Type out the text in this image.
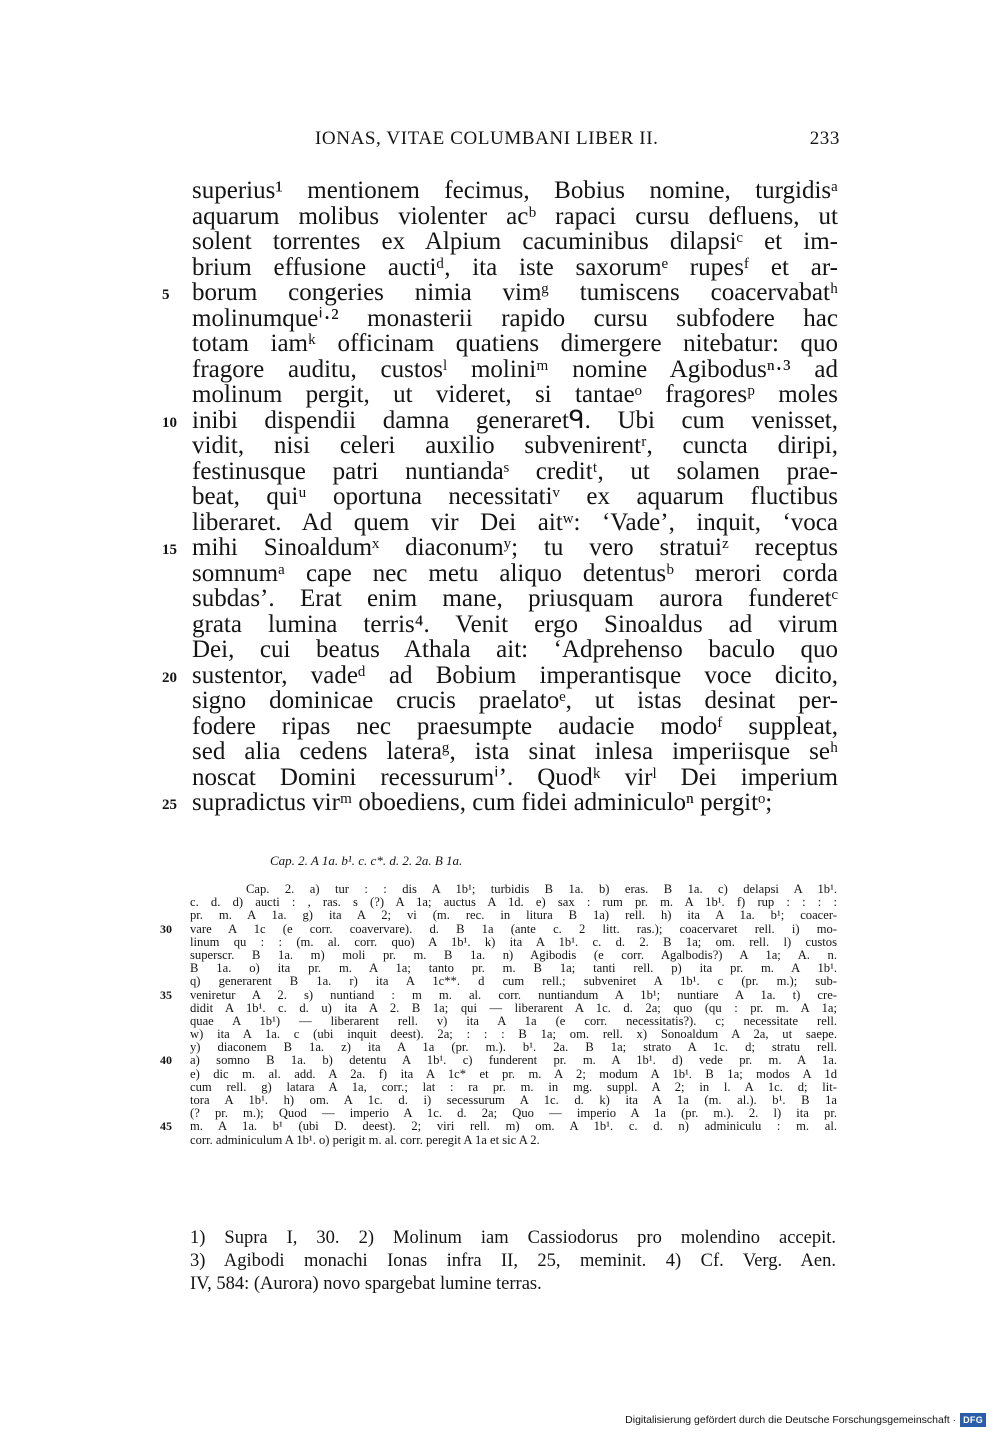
IONAS, VITAE COLUMBANI LIBER II.	233
superius¹ mentionem fecimus, Bobius nomine, turgidisᵃ
aquarum molibus violenter acᵇ rapaci cursu defluens, ut
solent torrentes ex Alpium cacuminibus dilapsiᶜ et im-
brium effusione auctiᵈ, ita iste saxorumᵉ rupesᶠ et ar-
5 borum congeries nimia vimᵍ tumiscens coacervabatʰ
molinumqueⁱ·² monasterii rapido cursu subfodere hac
totam iamᵏ officinam quatiens dimergere nitebatur: quo
fragore auditu, custosˡ moliniᵐ nomine Agibodusⁿ·³ ad
molinum pergit, ut videret, si tantaeᵒ fragoresᵖ moles
10 inibi dispendii damna generaretᑫ. Ubi cum venisset,
vidit, nisi celeri auxilio subvenirentʳ, cuncta diripi,
festinusque patri nuntiandaˢ creditᵗ, ut solamen prae-
beat, quiᵘ oportuna necessitatiᵛ ex aquarum fluctibus
liberaret. Ad quem vir Dei aitʷ: ‘Vade’, inquit, ‘voca
15 mihi Sinoaldumˣ diaconumʸ; tu vero stratuiᶻ receptus
somnumᵃ cape nec metu aliquo detentusᵇ merori corda
subdas’. Erat enim mane, priusquam aurora funderetᶜ
grata lumina terris⁴. Venit ergo Sinoaldus ad virum
Dei, cui beatus Athala ait: ‘Adprehenso baculo quo
20 sustentor, vadeᵈ ad Bobium imperantisque voce dicito,
signo dominicae crucis praelatoᵉ, ut istas desinat per-
fodere ripas nec praesumpte audacie modoᶠ suppleat,
sed alia cedens lateraᵍ, ista sinat inlesa imperiisque seʰ
noscat Domini recessurumⁱ’. Quodᵏ virˡ Dei imperium
25 supradictus virᵐ oboediens, cum fidei adminiculoⁿ pergitᵒ;
Cap. 2. A 1a. b¹. c. c*. d. 2. 2a. B 1a.
Cap. 2. a) tur : : dis A 1b¹; turbidis B 1a. b) eras. B 1a. c) delapsi A 1b¹.
c. d. d) aucti : , ras. s (?) A 1a; auctus A 1d. e) sax : rum pr. m. A 1b¹. f) rup : : : :
pr. m. A 1a. g) ita A 2; vi (m. rec. in litura B 1a) rell. h) ita A 1a. b¹; coacer-
30 vare A 1c (e corr. coavervare). d. B 1a (ante c. 2 litt. ras.); coacervaret rell. i) mo-
linum qu : : (m. al. corr. quo) A 1b¹. k) ita A 1b¹. c. d. 2. B 1a; om. rell. l) custos
superscr. B 1a. m) moli pr. m. B 1a. n) Agibodis (e corr. Agalbodis?) A 1a; A. n.
B 1a. o) ita pr. m. A 1a; tanto pr. m. B 1a; tanti rell. p) ita pr. m. A 1b¹.
q) generarent B 1a. r) ita A 1c**. d cum rell.; subveniret A 1b¹. c (pr. m.); sub-
35 veniretur A 2. s) nuntiand : m m. al. corr. nuntiandum A 1b¹; nuntiare A 1a. t) cre-
didit A 1b¹. c. d. u) ita A 2. B 1a; qui — liberarent A 1c. d. 2a; quo (qu : pr. m. A 1a;
quae A 1b¹) — liberarent rell. v) ita A 1a (e corr. necessitatis?). c; necessitate rell.
w) ita A 1a. c (ubi inquit deest). 2a; : : : B 1a; om. rell. x) Sonoaldum A 2a, ut saepe.
y) diaconem B 1a. z) ita A 1a (pr. m.). b¹. 2a. B 1a; strato A 1c. d; stratu rell.
40 a) somno B 1a. b) detentu A 1b¹. c) funderent pr. m. A 1b¹. d) vede pr. m. A 1a.
e) dic m. al. add. A 2a. f) ita A 1c* et pr. m. A 2; modum A 1b¹. B 1a; modos A 1d
cum rell. g) latara A 1a, corr.; lat : ra pr. m. in mg. suppl. A 2; in l. A 1c. d; lit-
tora A 1b¹. h) om. A 1c. d. i) secessurum A 1c. d. k) ita A 1a (m. al.). b¹. B 1a
(? pr. m.); Quod — imperio A 1c. d. 2a; Quo — imperio A 1a (pr. m.). 2. l) ita pr.
45 m. A 1a. b¹ (ubi D. deest). 2; viri rell. m) om. A 1b¹. c. d. n) adminiculu : m. al.
corr. adminiculum A 1b¹. o) perigit m. al. corr. peregit A 1a et sic A 2.
1) Supra I, 30. 2) Molinum iam Cassiodorus pro molendino accepit.
3) Agibodi monachi Ionas infra II, 25, meminit. 4) Cf. Verg. Aen.
IV, 584: (Aurora) novo spargebat lumine terras.
Digitalisierung gefördert durch die Deutsche Forschungsgemeinschaft · DFG
